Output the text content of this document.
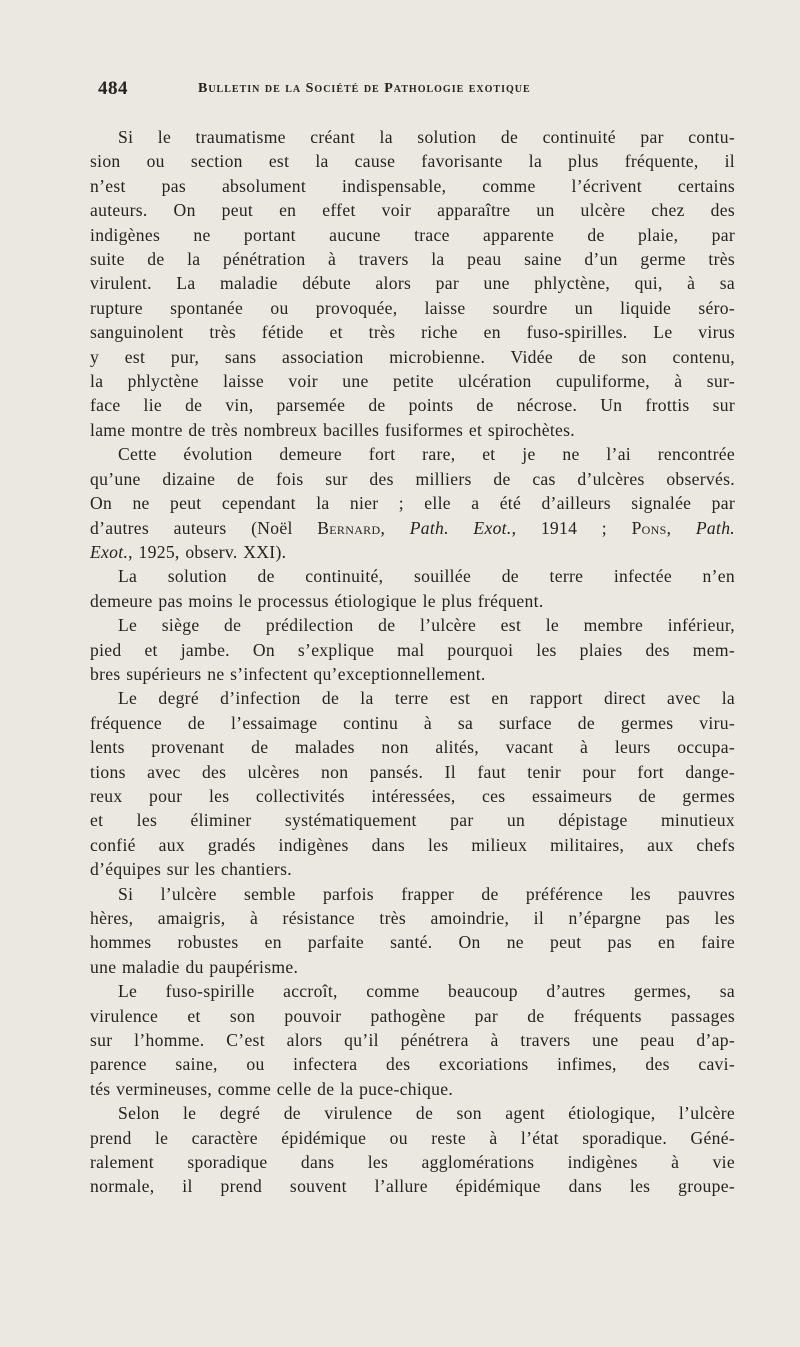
484	Bulletin de la Société de Pathologie exotique
Si le traumatisme créant la solution de continuité par contu-
sion ou section est la cause favorisante la plus fréquente, il
n’est pas absolument indispensable, comme l’écrivent certains
auteurs. On peut en effet voir apparaître un ulcère chez des
indigènes ne portant aucune trace apparente de plaie, par
suite de la pénétration à travers la peau saine d’un germe très
virulent. La maladie débute alors par une phlyctène, qui, à sa
rupture spontanée ou provoquée, laisse sourdre un liquide séro-
sanguinolent très fétide et très riche en fuso-spirilles. Le virus
y est pur, sans association microbienne. Vidée de son contenu,
la phlyctène laisse voir une petite ulcération cupuliforme, à sur-
face lie de vin, parsemée de points de nécrose. Un frottis sur
lame montre de très nombreux bacilles fusiformes et spirochètes.
Cette évolution demeure fort rare, et je ne l’ai rencontrée
qu’une dizaine de fois sur des milliers de cas d’ulcères observés.
On ne peut cependant la nier ; elle a été d’ailleurs signalée par
d’autres auteurs (Noël Bernard, Path. Exot., 1914 ; Pons, Path.
Exot., 1925, observ. XXI).
La solution de continuité, souillée de terre infectée n’en
demeure pas moins le processus étiologique le plus fréquent.
Le siège de prédilection de l’ulcère est le membre inférieur,
pied et jambe. On s’explique mal pourquoi les plaies des mem-
bres supérieurs ne s’infectent qu’exceptionnellement.
Le degré d’infection de la terre est en rapport direct avec la
fréquence de l’essaimage continu à sa surface de germes viru-
lents provenant de malades non alités, vacant à leurs occupa-
tions avec des ulcères non pansés. Il faut tenir pour fort dange-
reux pour les collectivités intéressées, ces essaimeurs de germes
et les éliminer systématiquement par un dépistage minutieux
confié aux gradés indigènes dans les milieux militaires, aux chefs
d’équipes sur les chantiers.
Si l’ulcère semble parfois frapper de préférence les pauvres
hères, amaigris, à résistance très amoindrie, il n’épargne pas les
hommes robustes en parfaite santé. On ne peut pas en faire
une maladie du paupérisme.
Le fuso-spirille accroît, comme beaucoup d’autres germes, sa
virulence et son pouvoir pathogène par de fréquents passages
sur l’homme. C’est alors qu’il pénétrera à travers une peau d’ap-
parence saine, ou infectera des excoriations infimes, des cavi-
tés vermineuses, comme celle de la puce-chique.
Selon le degré de virulence de son agent étiologique, l’ulcère
prend le caractère épidémique ou reste à l’état sporadique. Géné-
ralement sporadique dans les agglomérations indigènes à vie
normale, il prend souvent l’allure épidémique dans les groupe-
